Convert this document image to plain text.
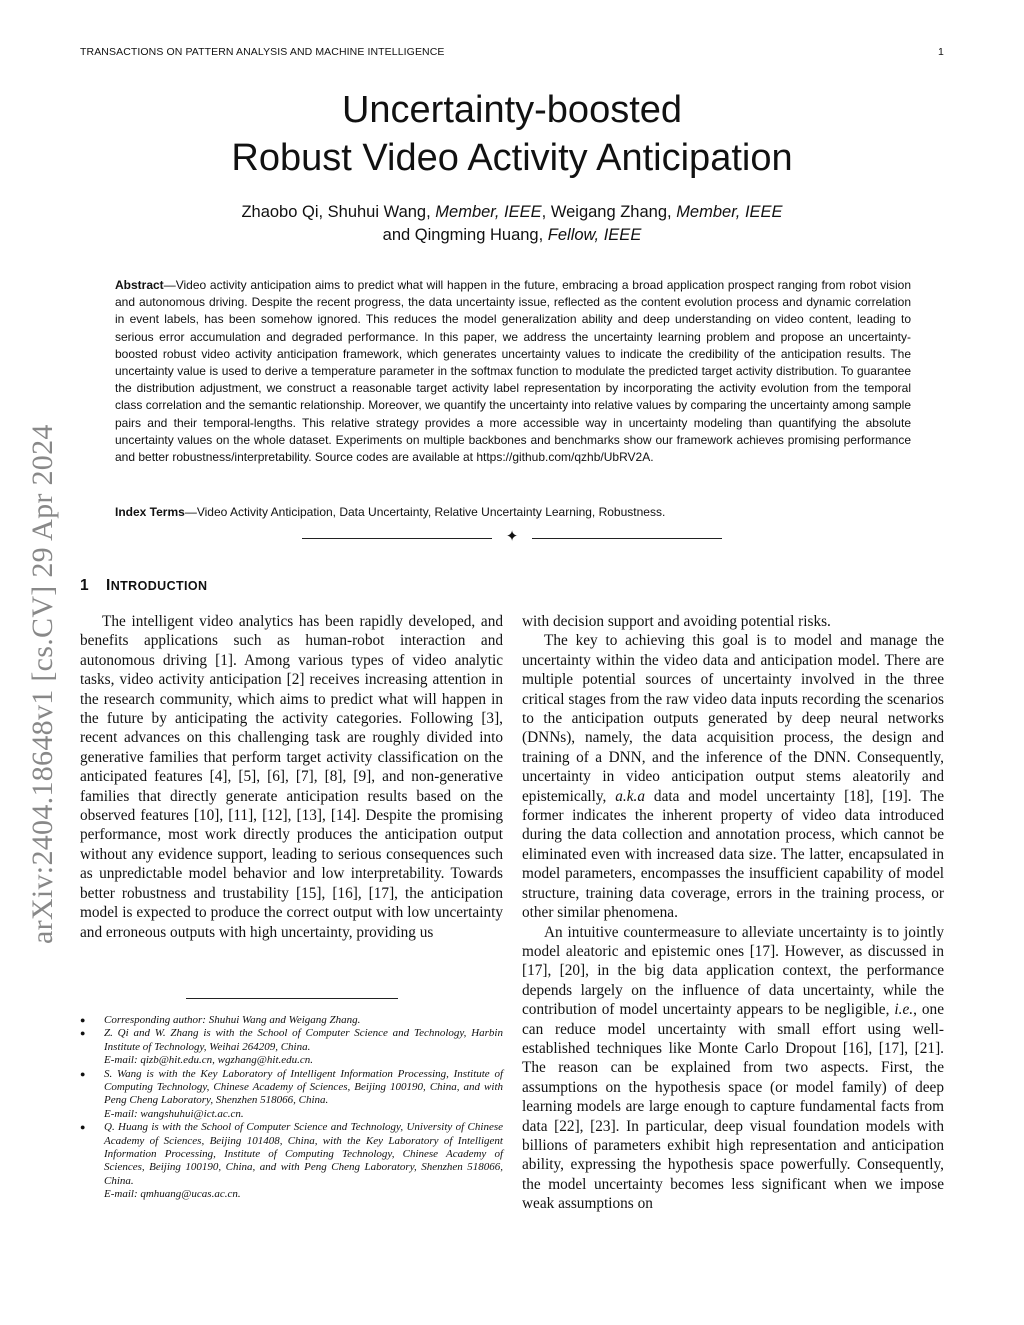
TRANSACTIONS ON PATTERN ANALYSIS AND MACHINE INTELLIGENCE	1
arXiv:2404.18648v1 [cs.CV] 29 Apr 2024
Uncertainty-boosted
Robust Video Activity Anticipation
Zhaobo Qi, Shuhui Wang, Member, IEEE, Weigang Zhang, Member, IEEE
and Qingming Huang, Fellow, IEEE
Abstract—Video activity anticipation aims to predict what will happen in the future, embracing a broad application prospect ranging from robot vision and autonomous driving. Despite the recent progress, the data uncertainty issue, reflected as the content evolution process and dynamic correlation in event labels, has been somehow ignored. This reduces the model generalization ability and deep understanding on video content, leading to serious error accumulation and degraded performance. In this paper, we address the uncertainty learning problem and propose an uncertainty-boosted robust video activity anticipation framework, which generates uncertainty values to indicate the credibility of the anticipation results. The uncertainty value is used to derive a temperature parameter in the softmax function to modulate the predicted target activity distribution. To guarantee the distribution adjustment, we construct a reasonable target activity label representation by incorporating the activity evolution from the temporal class correlation and the semantic relationship. Moreover, we quantify the uncertainty into relative values by comparing the uncertainty among sample pairs and their temporal-lengths. This relative strategy provides a more accessible way in uncertainty modeling than quantifying the absolute uncertainty values on the whole dataset. Experiments on multiple backbones and benchmarks show our framework achieves promising performance and better robustness/interpretability. Source codes are available at https://github.com/qzhb/UbRV2A.
Index Terms—Video Activity Anticipation, Data Uncertainty, Relative Uncertainty Learning, Robustness.
✦
1 INTRODUCTION

The intelligent video analytics has been rapidly developed, and benefits applications such as human-robot interaction and autonomous driving [1]. Among various types of video analytic tasks, video activity anticipation [2] receives increasing attention in the research community, which aims to predict what will happen in the future by anticipating the activity categories. Following [3], recent advances on this challenging task are roughly divided into generative families that perform target activity classification on the anticipated features [4], [5], [6], [7], [8], [9], and non-generative families that directly generate anticipation results based on the observed features [10], [11], [12], [13], [14]. Despite the promising performance, most work directly produces the anticipation output without any evidence support, leading to serious consequences such as unpredictable model behavior and low interpretability. Towards better robustness and trustability [15], [16], [17], the anticipation model is expected to produce the correct output with low uncertainty and erroneous outputs with high uncertainty, providing us

with decision support and avoiding potential risks.

The key to achieving this goal is to model and manage the uncertainty within the video data and anticipation model. There are multiple potential sources of uncertainty involved in the three critical stages from the raw video data inputs recording the scenarios to the anticipation outputs generated by deep neural networks (DNNs), namely, the data acquisition process, the design and training of a DNN, and the inference of the DNN. Consequently, uncertainty in video anticipation output stems aleatorily and epistemically, a.k.a data and model uncertainty [18], [19]. The former indicates the inherent property of video data introduced during the data collection and annotation process, which cannot be eliminated even with increased data size. The latter, encapsulated in model parameters, encompasses the insufficient capability of model structure, training data coverage, errors in the training process, or other similar phenomena.

An intuitive countermeasure to alleviate uncertainty is to jointly model aleatoric and epistemic ones [17]. However, as discussed in [17], [20], in the big data application context, the performance depends largely on the influence of data uncertainty, while the contribution of model uncertainty appears to be negligible, i.e., one can reduce model uncertainty with small effort using well-established techniques like Monte Carlo Dropout [16], [17], [21]. The reason can be explained from two aspects. First, the assumptions on the hypothesis space (or model family) of deep learning models are large enough to capture fundamental facts from data [22], [23]. In particular, deep visual foundation models with billions of parameters exhibit high representation and anticipation ability, expressing the hypothesis space powerfully. Consequently, the model uncertainty becomes less significant when we impose weak assumptions on

● Corresponding author: Shuhui Wang and Weigang Zhang.
● Z. Qi and W. Zhang is with the School of Computer Science and Technology, Harbin Institute of Technology, Weihai 264209, China.
E-mail: qizb@hit.edu.cn, wgzhang@hit.edu.cn.
● S. Wang is with the Key Laboratory of Intelligent Information Processing, Institute of Computing Technology, Chinese Academy of Sciences, Beijing 100190, China, and with Peng Cheng Laboratory, Shenzhen 518066, China.
E-mail: wangshuhui@ict.ac.cn.
● Q. Huang is with the School of Computer Science and Technology, University of Chinese Academy of Sciences, Beijing 101408, China, with the Key Laboratory of Intelligent Information Processing, Institute of Computing Technology, Chinese Academy of Sciences, Beijing 100190, China, and with Peng Cheng Laboratory, Shenzhen 518066, China.
E-mail: qmhuang@ucas.ac.cn.
